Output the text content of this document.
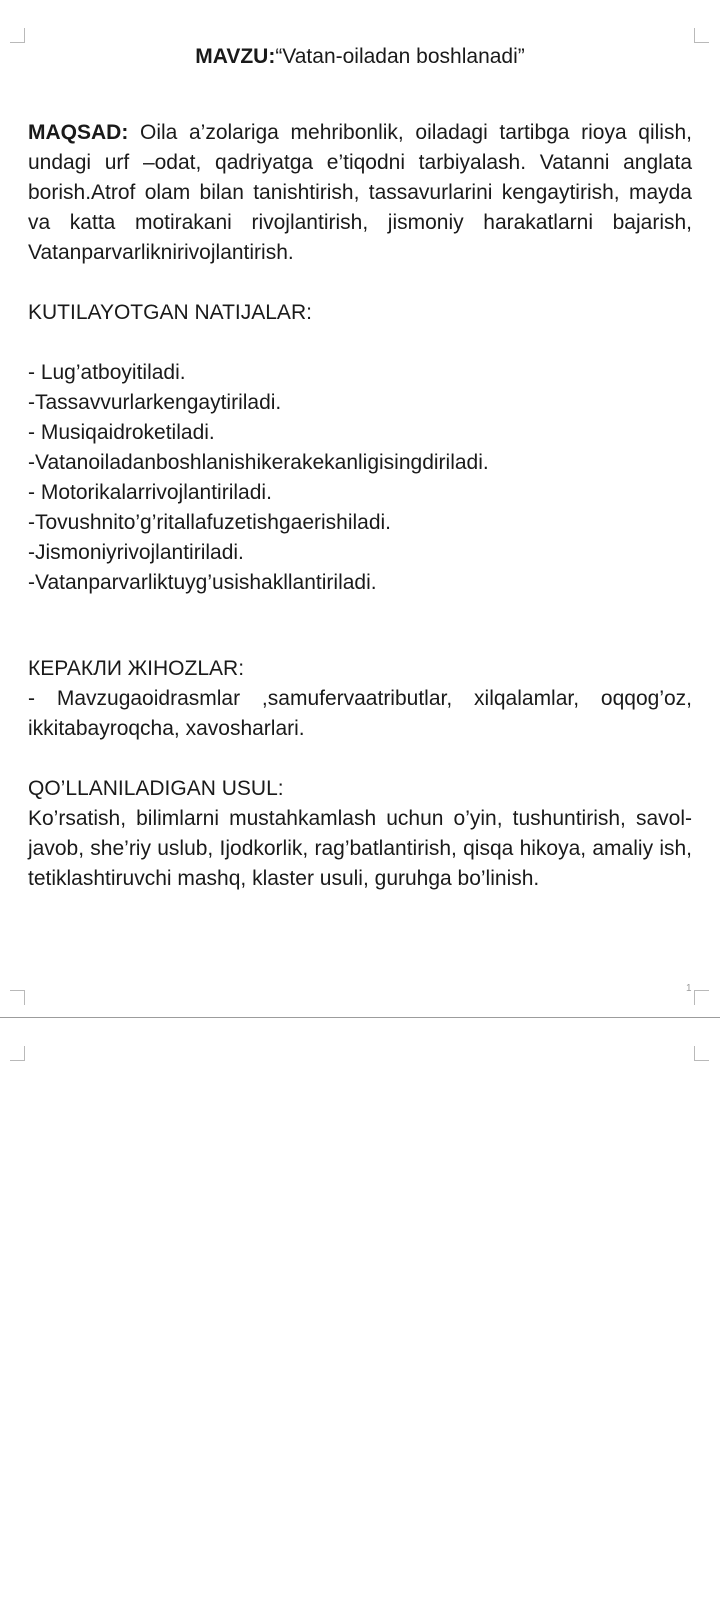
1

MAVZU:“Vatan-oiladan boshlanadi”

MAQSAD: Oila a’zolariga mehribonlik, oiladagi tartibga rioya qilish, undagi urf –odat, qadriyatga e’tiqodni tarbiyalash. Vatanni anglata borish.Atrof olam bilan tanishtirish, tassavurlarini kengaytirish, mayda va katta motirakani rivojlantirish, jismoniy harakatlarni bajarish, Vatanparvarliknirivojlantirish.

KUTILAYOTGAN NATIJALAR:
- Lug’atboyitiladi.
-Tassavvurlarkengaytiriladi.
- Musiqaidroketiladi.
-Vatanoiladanboshlanishikerakekanligisingdiriladi.
- Motorikalarrivojlantiriladi.
-Tovushnito’g’ritallafuzetishgaerishiladi.
-Jismoniyrivojlantiriladi.
-Vatanparvarliktuyg’usishakllantiriladi.
КЕРАКЛИ ЖIHOZLAR:

- Mavzugaoidrasmlar ,samufervaatributlar, xilqalamlar, oqqog’oz, ikkitabayroqcha, xavosharlari.

QO’LLANILADIGAN USUL:

Ko’rsatish, bilimlarni mustahkamlash uchun o’yin, tushuntirish, savol-javob, she’riy uslub, Ijodkorlik, rag’batlantirish, qisqa hikoya, amaliy ish, tetiklashtiruvchi mashq, klaster usuli, guruhga bo’linish.
